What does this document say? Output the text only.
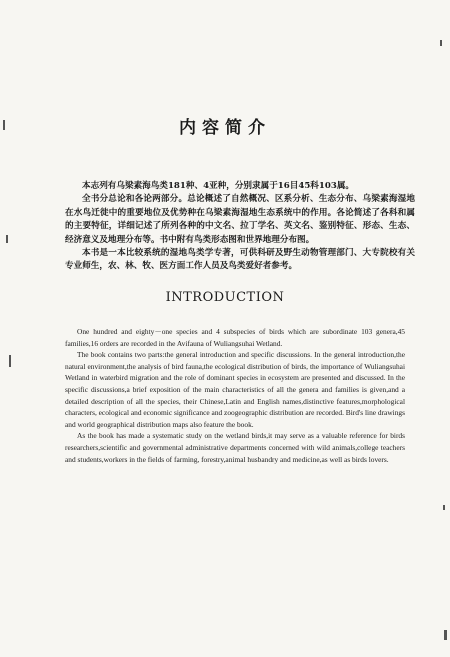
内容简介

本志列有乌梁素海鸟类181种、4亚种，分别隶属于16目45科103属。

全书分总论和各论两部分。总论概述了自然概况、区系分析、生态分布、乌梁素海湿地在水鸟迁徙中的重要地位及优势种在乌梁素海湿地生态系统中的作用。各论简述了各科和属的主要特征，详细记述了所列各种的中文名、拉丁学名、英文名、鉴别特征、形态、生态、经济意义及地理分布等。书中附有鸟类形态图和世界地理分布图。

本书是一本比较系统的湿地鸟类学专著，可供科研及野生动物管理部门、大专院校有关专业师生，农、林、牧、医方面工作人员及鸟类爱好者参考。

INTRODUCTION

One hundred and eighty－one species and 4 subspecies of birds which are subordinate 103 genera,45 families,16 orders are recorded in the Avifauna of Wuliangsuhai Wetland.

The book contains two parts:the general introduction and specific discussions. In the general introduction,the natural environment,the analysis of bird fauna,the ecological distribution of birds, the importance of Wuliangsuhai Wetland in waterbird migration and the role of dominant species in ecosystem are presented and discussed. In the specific discussions,a brief exposition of the main characteristics of all the genera and families is given,and a detailed description of all the species, their Chinese,Latin and English names,distinctive features,morphological characters, ecological and economic significance and zoogeographic distribution are recorded. Bird's line drawings and world geographical distribution maps also feature the book.

As the book has made a systematic study on the wetland birds,it may serve as a valuable reference for birds researchers,scientific and governmental administrative departments concerned with wild animals,college teachers and students,workers in the fields of farming, forestry,animal husbandry and medicine,as well as birds lovers.
